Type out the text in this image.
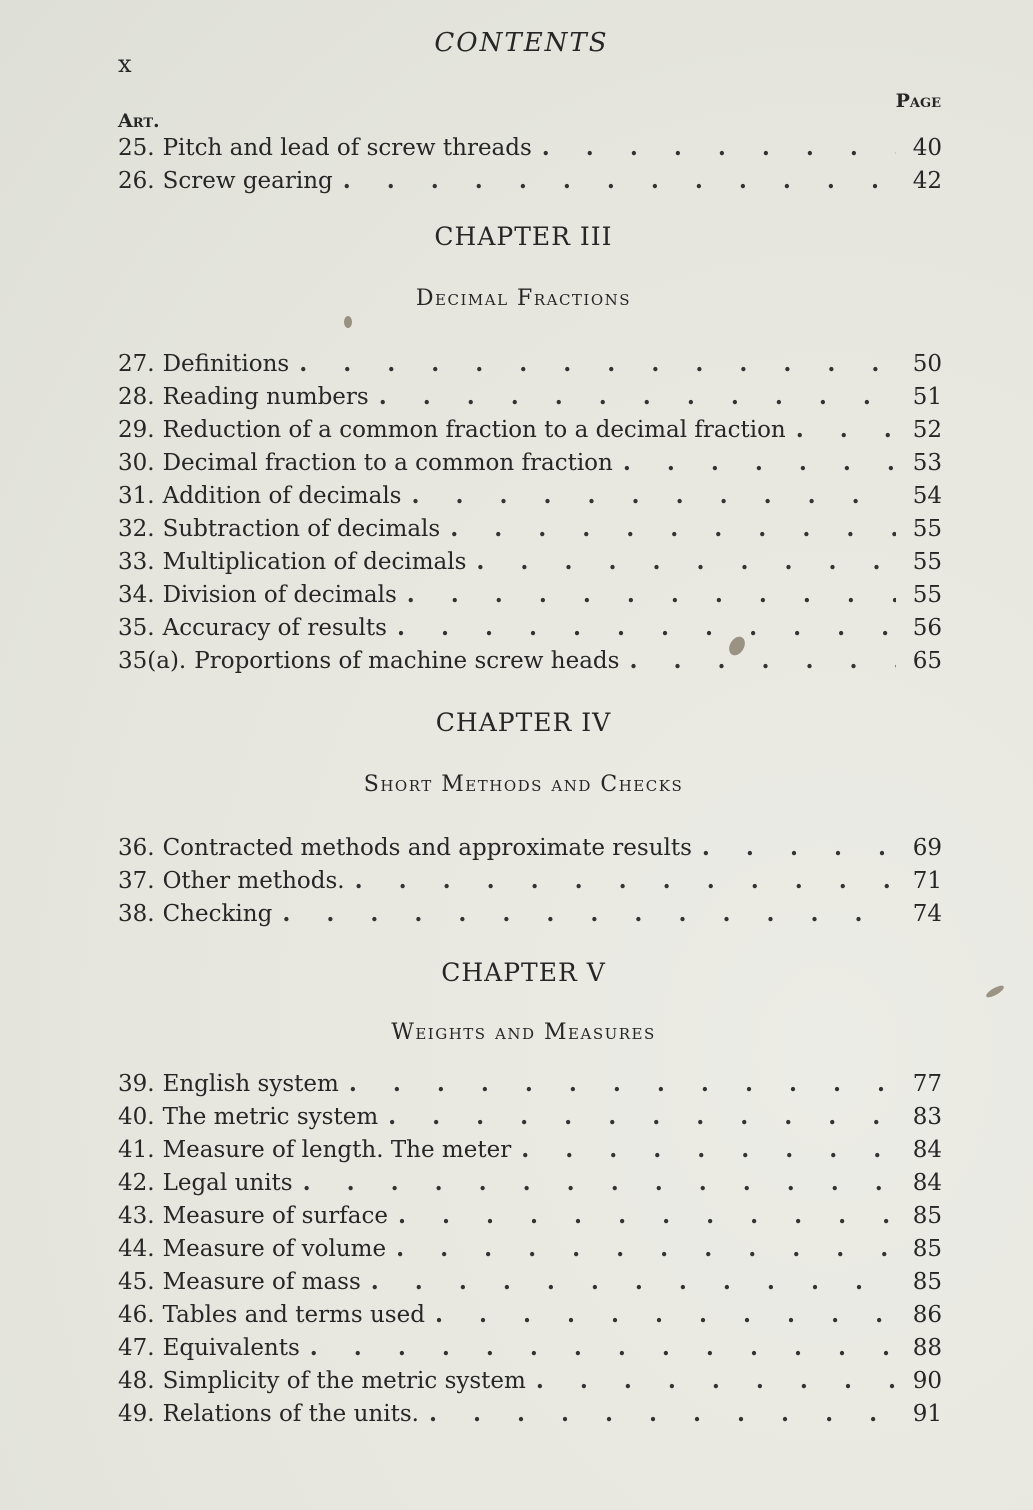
x
CONTENTS
Art.
Page
25. Pitch and lead of screw threads . . .	40
26. Screw gearing . . .	42
CHAPTER III
Decimal Fractions
27. Definitions . . .	50
28. Reading numbers . . .	51
29. Reduction of a common fraction to a decimal fraction . . .	52
30. Decimal fraction to a common fraction . . .	53
31. Addition of decimals . . .	54
32. Subtraction of decimals . . .	55
33. Multiplication of decimals . . .	55
34. Division of decimals . . .	55
35. Accuracy of results . . .	56
35(a). Proportions of machine screw heads . . .	65
CHAPTER IV
Short Methods and Checks
36. Contracted methods and approximate results . . .	69
37. Other methods. . . .	71
38. Checking . . .	74
CHAPTER V
Weights and Measures
39. English system . . .	77
40. The metric system . . .	83
41. Measure of length. The meter . . .	84
42. Legal units . . .	84
43. Measure of surface . . .	85
44. Measure of volume . . .	85
45. Measure of mass . . .	85
46. Tables and terms used . . .	86
47. Equivalents . . .	88
48. Simplicity of the metric system . . .	90
49. Relations of the units. . . .	91
